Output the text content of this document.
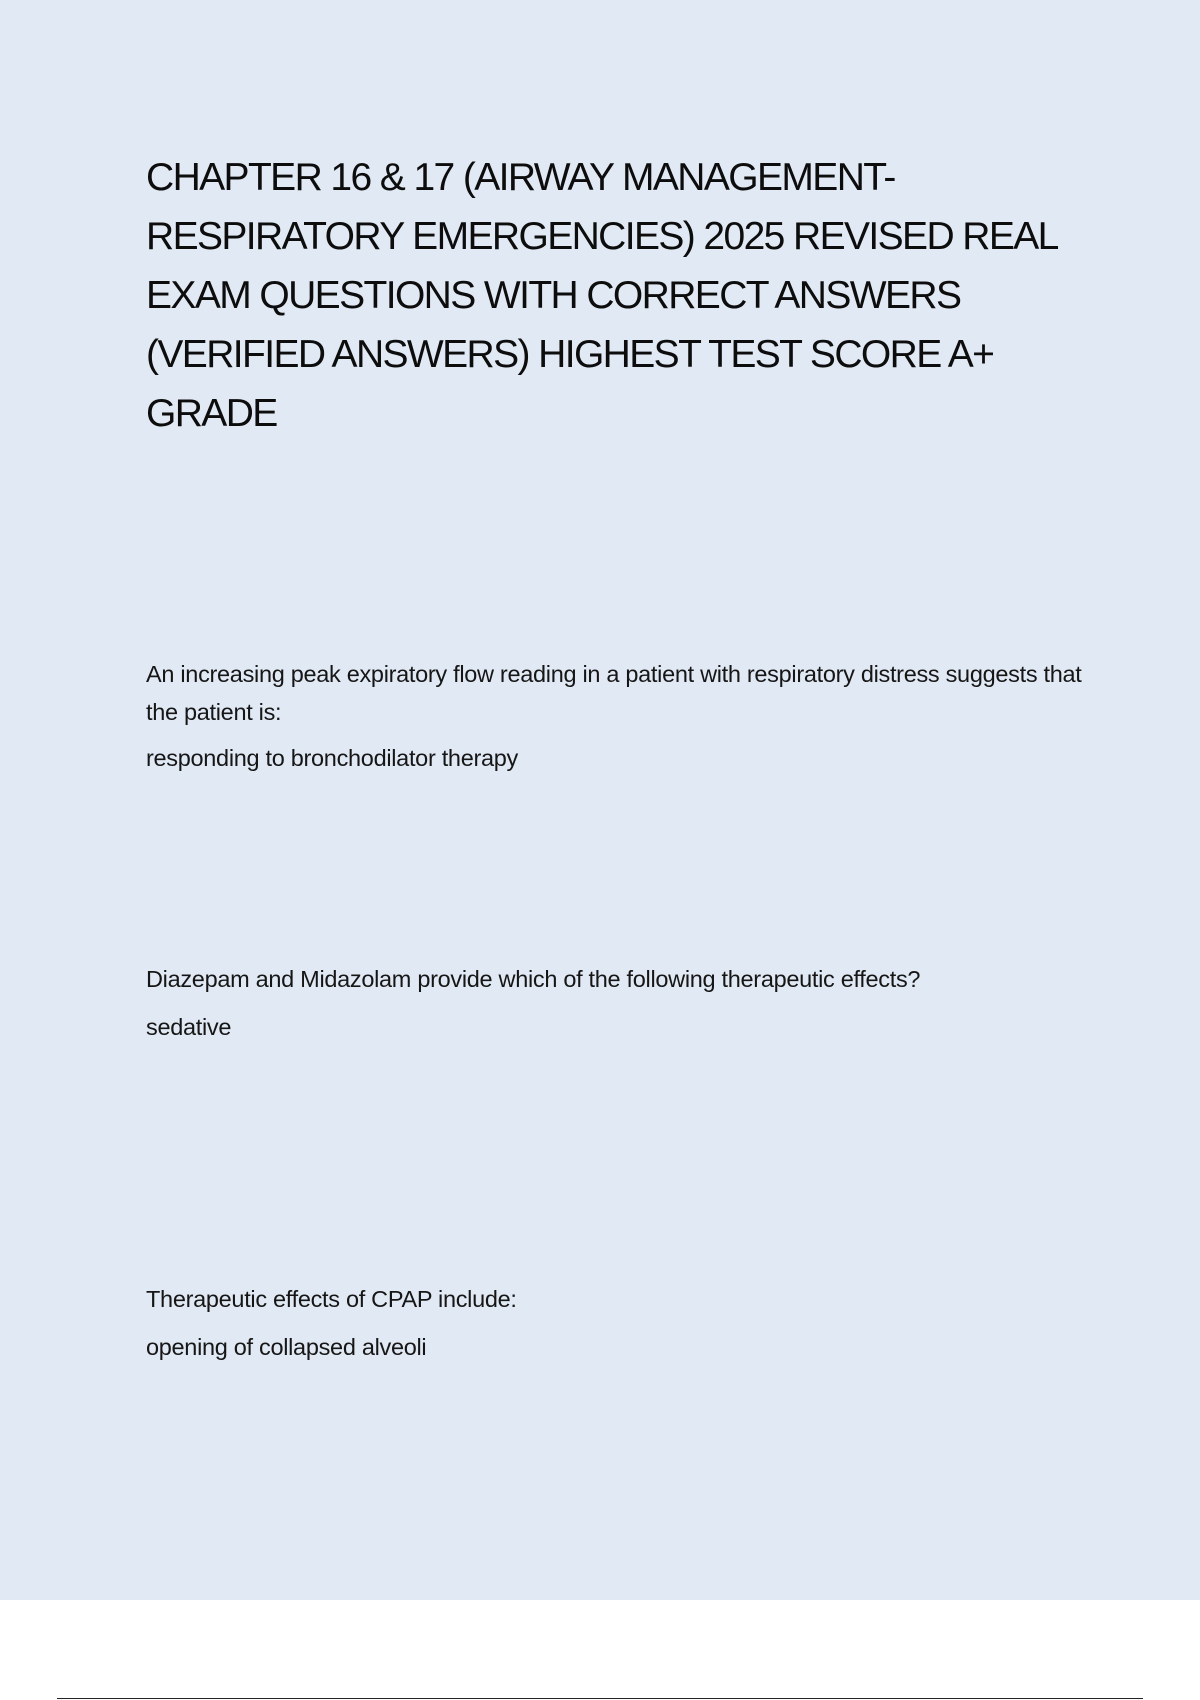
CHAPTER 16 & 17 (AIRWAY MANAGEMENT-RESPIRATORY EMERGENCIES) 2025 REVISED REAL EXAM QUESTIONS WITH CORRECT ANSWERS (VERIFIED ANSWERS) HIGHEST TEST SCORE A+ GRADE

An increasing peak expiratory flow reading in a patient with respiratory distress suggests that the patient is:

responding to bronchodilator therapy

Diazepam and Midazolam provide which of the following therapeutic effects?

sedative

Therapeutic effects of CPAP include:

opening of collapsed alveoli
